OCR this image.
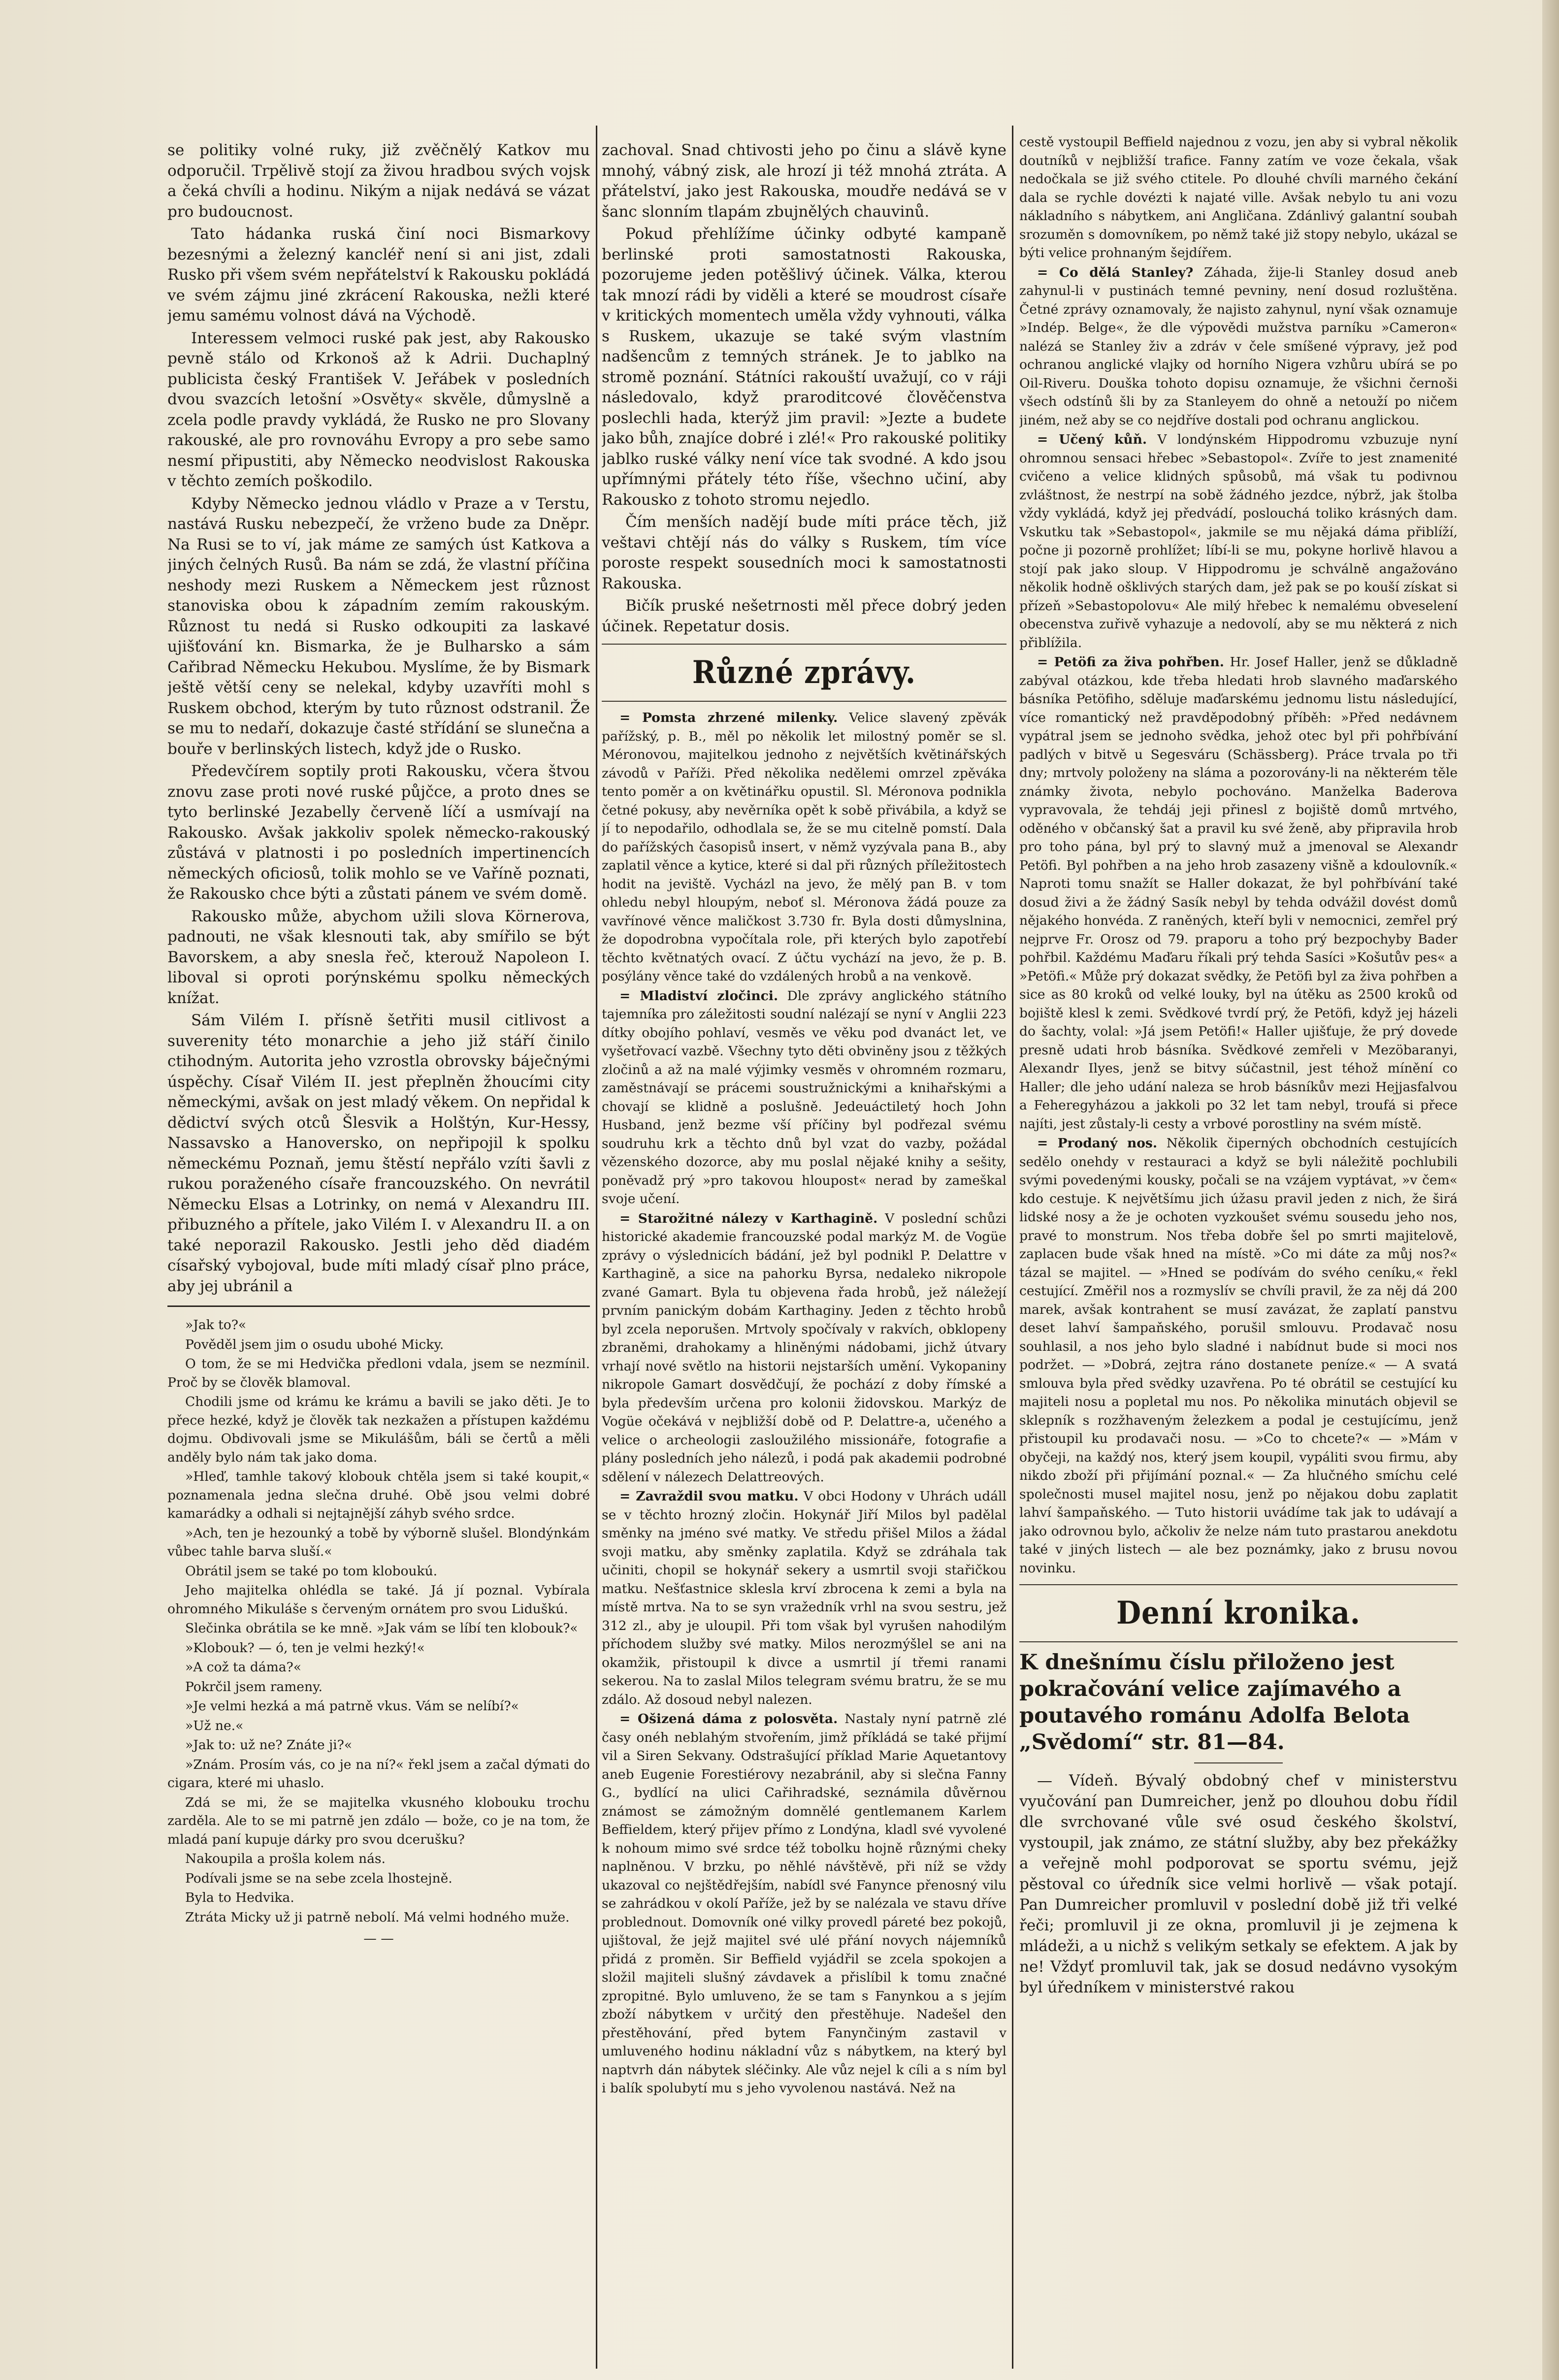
se politiky volné ruky, již zvěčnělý Katkov mu odporučil. Trpělivě stojí za živou hradbou svých vojsk a čeká chvíli a hodinu. Nikým a nijak nedává se vázat pro budoucnost.

Tato hádanka ruská činí noci Bismarkovy bezesnými a železný kancléř není si ani jist, zdali Rusko při všem svém nepřátelství k Rakousku pokládá ve svém zájmu jiné zkrácení Rakouska, nežli které jemu samému volnost dává na Východě.

Interessem velmoci ruské pak jest, aby Rakousko pevně stálo od Krkonoš až k Adrii. Duchaplný publicista český František V. Jeřábek v posledních dvou svazcích letošní »Osvěty« skvěle, důmyslně a zcela podle pravdy vykládá, že Rusko ne pro Slovany rakouské, ale pro rovnováhu Evropy a pro sebe samo nesmí připustiti, aby Německo neodvislost Rakouska v těchto zemích poškodilo.

Kdyby Německo jednou vládlo v Praze a v Terstu, nastává Rusku nebezpečí, že vrženo bude za Dněpr. Na Rusi se to ví, jak máme ze samých úst Katkova a jiných čelných Rusů. Ba nám se zdá, že vlastní příčina neshody mezi Ruskem a Německem jest různost stanoviska obou k západním zemím rakouským. Různost tu nedá si Rusko odkoupiti za laskavé ujišťování kn. Bismarka, že je Bulharsko a sám Cařibrad Německu Hekubou. Myslíme, že by Bismark ještě větší ceny se nelekal, kdyby uzavříti mohl s Ruskem obchod, kterým by tuto různost odstranil. Že se mu to nedaří, dokazuje časté střídání se slunečna a bouře v berlinských listech, když jde o Rusko.

Předevčírem soptily proti Rakousku, včera štvou znovu zase proti nové ruské půjčce, a proto dnes se tyto berlinské Jezabelly červeně líčí a usmívají na Rakousko. Avšak jakkoliv spolek německo-rakouský zůstává v platnosti i po posledních impertinencích německých oficiosů, tolik mohlo se ve Vaříně poznati, že Rakousko chce býti a zůstati pánem ve svém domě.

Rakousko může, abychom užili slova Körnerova, padnouti, ne však klesnouti tak, aby smířilo se být Bavorskem, a aby snesla řeč, kterouž Napoleon I. liboval si oproti porýnskému spolku německých knížat.

Sám Vilém I. přísně šetřiti musil citlivost a suverenity této monarchie a jeho již stáří činilo ctihodným. Autorita jeho vzrostla obrovsky báječnými úspěchy. Císař Vilém II. jest přeplněn žhoucími city německými, avšak on jest mladý věkem. On nepřidal k dědictví svých otců Šlesvik a Holštýn, Kur-Hessy, Nassavsko a Hanoversko, on nepřipojil k spolku německému Poznaň, jemu štěstí nepřálo vzíti šavli z rukou poraženého císaře francouzského. On nevrátil Německu Elsas a Lotrinky, on nemá v Alexandru III. přibuzného a přítele, jako Vilém I. v Alexandru II. a on také neporazil Rakousko. Jestli jeho děd diadém císařský vybojoval, bude míti mladý císař plno práce, aby jej ubránil a

»Jak to?«

Pověděl jsem jim o osudu ubohé Micky.

O tom, že se mi Hedvička předloni vdala, jsem se nezmínil. Proč by se člověk blamoval.

Chodili jsme od krámu ke krámu a bavili se jako děti. Je to přece hezké, když je člověk tak nezkažen a přístupen každému dojmu. Obdivovali jsme se Mikulášům, báli se čertů a měli anděly bylo nám tak jako doma.

»Hleď, tamhle takový klobouk chtěla jsem si také koupit,« poznamenala jedna slečna druhé. Obě jsou velmi dobré kamarádky a odhali si nejtajnější záhyb svého srdce.

»Ach, ten je hezounký a tobě by výborně slušel. Blondýnkám vůbec tahle barva sluší.«

Obrátil jsem se také po tom kloboukú.

Jeho majitelka ohlédla se také. Já jí poznal. Vybírala ohromného Mikuláše s červeným ornátem pro svou Liduškú.

Slečinka obrátila se ke mně. »Jak vám se líbí ten klobouk?«

»Klobouk? — ó, ten je velmi hezký!«

»A což ta dáma?«

Pokrčil jsem rameny.

»Je velmi hezká a má patrně vkus. Vám se nelíbí?«

»Už ne.«

»Jak to: už ne? Znáte ji?«

»Znám. Prosím vás, co je na ní?« řekl jsem a začal dýmati do cigara, které mi uhaslo.

Zdá se mi, že se majitelka vkusného klobouku trochu zarděla. Ale to se mi patrně jen zdálo — bože, co je na tom, že mladá paní kupuje dárky pro svou dcerušku?

Nakoupila a prošla kolem nás.

Podívali jsme se na sebe zcela lhostejně.

Byla to Hedvika.

Ztráta Micky už ji patrně nebolí. Má velmi hodného muže.

— —

zachoval. Snad chtivosti jeho po činu a slávě kyne mnohý, vábný zisk, ale hrozí ji též mnohá ztráta. A přátelství, jako jest Rakouska, moudře nedává se v šanc slonním tlapám zbujnělých chauvinů.

Pokud přehlížíme účinky odbyté kampaně berlinské proti samostatnosti Rakouska, pozorujeme jeden potěšlivý účinek. Válka, kterou tak mnozí rádi by viděli a které se moudrost císaře v kritických momentech uměla vždy vyhnouti, válka s Ruskem, ukazuje se také svým vlastním nadšencům z temných stránek. Je to jablko na stromě poznání. Státníci rakouští uvažují, co v ráji následovalo, když praroditcové člověčenstva poslechli hada, kterýž jim pravil: »Jezte a budete jako bůh, znajíce dobré i zlé!« Pro rakouské politiky jablko ruské války není více tak svodné. A kdo jsou upřímnými přátely této říše, všechno učiní, aby Rakousko z tohoto stromu nejedlo.

Čím menších nadějí bude míti práce těch, již veštavi chtějí nás do války s Ruskem, tím více poroste respekt sousedních moci k samostatnosti Rakouska.

Bičík pruské nešetrnosti měl přece dobrý jeden účinek. Repetatur dosis.

Různé zprávy.

= Pomsta zhrzené milenky. Velice slavený zpěvák pařížský, p. B., měl po několik let milostný poměr se sl. Méronovou, majitelkou jednoho z největších květinářských závodů v Paříži. Před několika nedělemi omrzel zpěváka tento poměr a on květinářku opustil. Sl. Méronova podnikla četné pokusy, aby nevěrníka opět k sobě přivábila, a když se jí to nepodařilo, odhodlala se, že se mu citelně pomstí. Dala do pařížských časopisů insert, v němž vyzývala pana B., aby zaplatil věnce a kytice, které si dal při různých příležitostech hodit na jeviště. Vycházl na jevo, že mělý pan B. v tom ohledu nebyl hloupým, neboť sl. Méronova žádá pouze za vavřínové věnce maličkost 3.730 fr. Byla dosti důmyslnina, že dopodrobna vypočítala role, při kterých bylo zapotřebí těchto květnatých ovací. Z účtu vychází na jevo, že p. B. posýlány věnce také do vzdálených hrobů a na venkově.

= Mladiství zločinci. Dle zprávy anglického státního tajemníka pro záležitosti soudní nalézají se nyní v Anglii 223 dítky obojího pohlaví, vesměs ve věku pod dvanáct let, ve vyšetřovací vazbě. Všechny tyto děti obviněny jsou z těžkých zločinů a až na malé výjimky vesměs v ohromném rozmaru, zaměstnávají se prácemi soustružnickými a knihařskými a chovají se klidně a poslušně. Jedeuáctiletý hoch John Husband, jenž bezme vší příčiny byl podřezal svému soudruhu krk a těchto dnů byl vzat do vazby, požádal vězenského dozorce, aby mu poslal nějaké knihy a sešity, poněvadž prý »pro takovou hloupost« nerad by zameškal svoje učení.

= Starožitné nálezy v Karthagině. V poslední schůzi historické akademie francouzské podal markýz M. de Vogüe zprávy o výslednicích bádání, jež byl podnikl P. Delattre v Karthagině, a sice na pahorku Byrsa, nedaleko nikropole zvané Gamart. Byla tu objevena řada hrobů, jež náležejí prvním panickým dobám Karthaginy. Jeden z těchto hrobů byl zcela neporušen. Mrtvoly spočívaly v rakvích, obklopeny zbraněmi, drahokamy a hliněnými nádobami, jichž útvary vrhají nové světlo na historii nejstarších umění. Vykopaniny nikropole Gamart dosvědčují, že pochází z doby římské a byla především určena pro kolonii židovskou. Markýz de Vogüe očekává v nejbližší době od P. Delattre-a, učeného a velice o archeologii zasloužilého missionáře, fotografie a plány posledních jeho nálezů, i podá pak akademii podrobné sdělení v nálezech Delattreových.

= Zavraždil svou matku. V obci Hodony v Uhrách událl se v těchto hrozný zločin. Hokynář Jiří Milos byl padělal směnky na jméno své matky. Ve středu přišel Milos a žádal svoji matku, aby směnky zaplatila. Když se zdráhala tak učiniti, chopil se hokynář sekery a usmrtil svoji stařičkou matku. Nešťastnice sklesla krví zbrocena k zemi a byla na místě mrtva. Na to se syn vražedník vrhl na svou sestru, jež 312 zl., aby je uloupil. Při tom však byl vyrušen nahodilým příchodem služby své matky. Milos nerozmýšlel se ani na okamžik, přistoupil k divce a usmrtil jí třemi ranami sekerou. Na to zaslal Milos telegram svému bratru, že se mu zdálo. Až dosoud nebyl nalezen.

= Ošizená dáma z polosvěta. Nastaly nyní patrně zlé časy onéh neblahým stvořením, jimž příkládá se také přijmí vil a Siren Sekvany. Odstrašující příklad Marie Aquetantovy aneb Eugenie Forestiérovy nezabránil, aby si slečna Fanny G., bydlící na ulici Cařihradské, seznámila důvěrnou známost se zámožným domnělé gentlemanem Karlem Beffieldem, který přijev přímo z Londýna, kladl své vyvolené k nohoum mimo své srdce též tobolku hojně různými cheky naplněnou. V brzku, po něhlé návštěvě, při níž se vždy ukazoval co nejštědřejším, nabídl své Fanynce přenosný vilu se zahrádkou v okolí Paříže, jež by se nalézala ve stavu dříve problednout. Domovník oné vilky provedl páreté bez pokojů, ujištoval, že jejž majitel své ulé přání novych nájemníků přidá z proměn. Sir Beffield vyjádřil se zcela spokojen a složil majiteli slušný závdavek a přislíbil k tomu značné zpropitné. Bylo umluveno, že se tam s Fanynkou a s jejím zboží nábytkem v určitý den přestěhuje. Nadešel den přestěhování, před bytem Fanynčiným zastavil v umluveného hodinu nákladní vůz s nábytkem, na který byl naptvrh dán nábytek sléčinky. Ale vůz nejel k cíli a s ním byl i balík spolubytí mu s jeho vyvolenou nastává. Než na

cestě vystoupil Beffield najednou z vozu, jen aby si vybral několik doutníků v nejbližší trafice. Fanny zatím ve voze čekala, však nedočkala se již svého ctitele. Po dlouhé chvíli marného čekání dala se rychle dovézti k najaté ville. Avšak nebylo tu ani vozu nákladního s nábytkem, ani Angličana. Zdánlivý galantní soubah srozuměn s domovníkem, po němž také již stopy nebylo, ukázal se býti velice prohnaným šejdířem.

= Co dělá Stanley? Záhada, žije-li Stanley dosud aneb zahynul-li v pustinách temné pevniny, není dosud rozluštěna. Četné zprávy oznamovaly, že najisto zahynul, nyní však oznamuje »Indép. Belge«, že dle výpovědi mužstva parníku »Cameron« nalézá se Stanley živ a zdráv v čele smíšené výpravy, jež pod ochranou anglické vlajky od horního Nigera vzhůru ubírá se po Oil-Riveru. Douška tohoto dopisu oznamuje, že všichni černoši všech odstínů šli by za Stanleyem do ohně a netouží po ničem jiném, než aby se co nejdříve dostali pod ochranu anglickou.

= Učený kůň. V londýnském Hippodromu vzbuzuje nyní ohromnou sensaci hřebec »Sebastopol«. Zvíře to jest znamenité cvičeno a velice klidných spůsobů, má však tu podivnou zvláštnost, že nestrpí na sobě žádného jezdce, nýbrž, jak štolba vždy vykládá, když jej předvádí, poslouchá toliko krásných dam. Vskutku tak »Sebastopol«, jakmile se mu nějaká dáma přiblíží, počne ji pozorně prohlížet; líbí-li se mu, pokyne horlivě hlavou a stojí pak jako sloup. V Hippodromu je schválně angažováno několik hodně ošklivých starých dam, jež pak se po kouší získat si přízeň »Sebastopolovu« Ale milý hřebec k nemalému obveselení obecenstva zuřivě vyhazuje a nedovolí, aby se mu některá z nich přiblížila.

= Petöfi za živa pohřben. Hr. Josef Haller, jenž se důkladně zabýval otázkou, kde třeba hledati hrob slavného maďarského básníka Petöfiho, sděluje maďarskému jednomu listu následující, více romantický než pravděpodobný příběh: »Před nedávnem vypátral jsem se jednoho svědka, jehož otec byl při pohřbívání padlých v bitvě u Segesváru (Schässberg). Práce trvala po tři dny; mrtvoly položeny na sláma a pozorovány-li na některém těle známky života, nebylo pochováno. Manželka Baderova vypravovala, že tehdáj jeji přinesl z bojiště domů mrtvého, oděného v občanský šat a pravil ku své ženě, aby připravila hrob pro toho pána, byl prý to slavný muž a jmenoval se Alexandr Petöfi. Byl pohřben a na jeho hrob zasazeny višně a kdoulovník.« Naproti tomu snažít se Haller dokazat, že byl pohřbívání také dosud živi a že žádný Sasík nebyl by tehda odvážil dovést domů nějakého honvéda. Z raněných, kteří byli v nemocnici, zemřel prý nejprve Fr. Orosz od 79. praporu a toho prý bezpochyby Bader pohřbil. Každému Maďaru říkali prý tehda Sasíci »Košutův pes« a »Petöfi.« Může prý dokazat svědky, že Petöfi byl za živa pohřben a sice as 80 kroků od velké louky, byl na útěku as 2500 kroků od bojiště klesl k zemi. Svědkové tvrdí prý, že Petöfi, když jej házeli do šachty, volal: »Já jsem Petöfi!« Haller ujišťuje, že prý dovede presně udati hrob básníka. Svědkové zemřeli v Mezöbaranyi, Alexandr Ilyes, jenž se bitvy súčastnil, jest téhož mínění co Haller; dle jeho udání naleza se hrob básníkův mezi Hejjasfalvou a Feheregyházou a jakkoli po 32 let tam nebyl, troufá si přece najíti, jest zůstaly-li cesty a vrbové porostliny na svém místě.

= Prodaný nos. Několik čiperných obchodních cestujících sedělo onehdy v restauraci a když se byli náležitě pochlubili svými povedenými kousky, počali se na vzájem vyptávat, »v čem« kdo cestuje. K největšímu jich úžasu pravil jeden z nich, že širá lidské nosy a že je ochoten vyzkoušet svému sousedu jeho nos, pravé to monstrum. Nos třeba dobře šel po smrti majitelově, zaplacen bude však hned na místě. »Co mi dáte za můj nos?« tázal se majitel. — »Hned se podívám do svého ceníku,« řekl cestující. Změřil nos a rozmyslív se chvíli pravil, že za něj dá 200 marek, avšak kontrahent se musí zavázat, že zaplatí panstvu deset lahví šampaňského, porušil smlouvu. Prodavač nosu souhlasil, a nos jeho bylo sladné i nabídnut bude si moci nos podržet. — »Dobrá, zejtra ráno dostanete peníze.« — A svatá smlouva byla před svědky uzavřena. Po té obrátil se cestující ku majiteli nosu a popletal mu nos. Po několika minutách objevil se sklepník s rozžhaveným železkem a podal je cestujícímu, jenž přistoupil ku prodavači nosu. — »Co to chcete?« — »Mám v obyčeji, na každý nos, který jsem koupil, vypáliti svou firmu, aby nikdo zboží při přijímání poznal.« — Za hlučného smíchu celé společnosti musel majitel nosu, jenž po nějakou dobu zaplatit lahví šampaňského. — Tuto historii uvádíme tak jak to udávají a jako odrovnou bylo, ačkoliv že nelze nám tuto prastarou anekdotu také v jiných listech — ale bez poznámky, jako z brusu novou novinku.

Denní kronika.

K dnešnímu číslu přiloženo jest pokračování velice zajímavého a poutavého románu Adolfa Belota „Svědomí“ str. 81—84.

— Vídeň. Bývalý obdobný chef v ministerstvu vyučování pan Dumreicher, jenž po dlouhou dobu řídil dle svrchované vůle své osud českého školství, vystoupil, jak známo, ze státní služby, aby bez překážky a veřejně mohl podporovat se sportu svému, jejž pěstoval co úředník sice velmi horlivě — však potají. Pan Dumreicher promluvil v poslední době již tři velké řeči; promluvil ji ze okna, promluvil ji je zejmena k mládeži, a u nichž s velikým setkaly se efektem. A jak by ne! Vždyť promluvil tak, jak se dosud nedávno vysokým byl úředníkem v ministerstvé rakou
